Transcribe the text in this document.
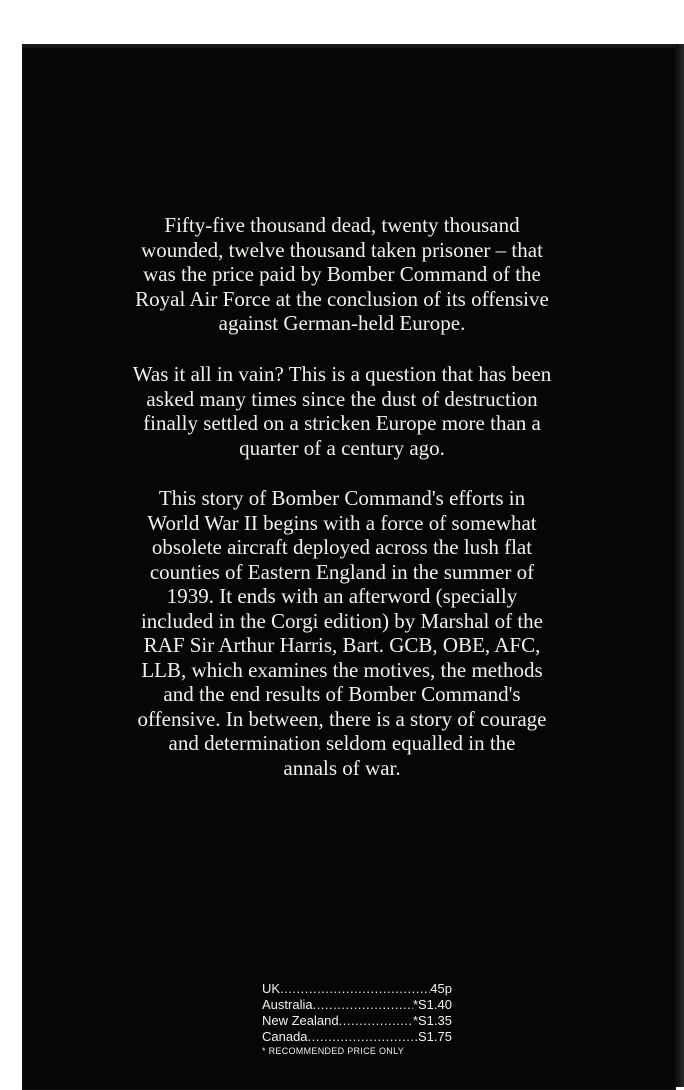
Fifty-five thousand dead, twenty thousand
wounded, twelve thousand taken prisoner – that
was the price paid by Bomber Command of the
Royal Air Force at the conclusion of its offensive
against German-held Europe.
Was it all in vain? This is a question that has been
asked many times since the dust of destruction
finally settled on a stricken Europe more than a
quarter of a century ago.
This story of Bomber Command's efforts in
World War II begins with a force of somewhat
obsolete aircraft deployed across the lush flat
counties of Eastern England in the summer of
1939. It ends with an afterword (specially
included in the Corgi edition) by Marshal of the
RAF Sir Arthur Harris, Bart. GCB, OBE, AFC,
LLB, which examines the motives, the methods
and the end results of Bomber Command's
offensive. In between, there is a story of courage
and determination seldom equalled in the
annals of war.
UK .....	45p
Australia .....	*S1.40
New Zealand .....	*S1.35
Canada .....	S1.75
* RECOMMENDED PRICE ONLY
